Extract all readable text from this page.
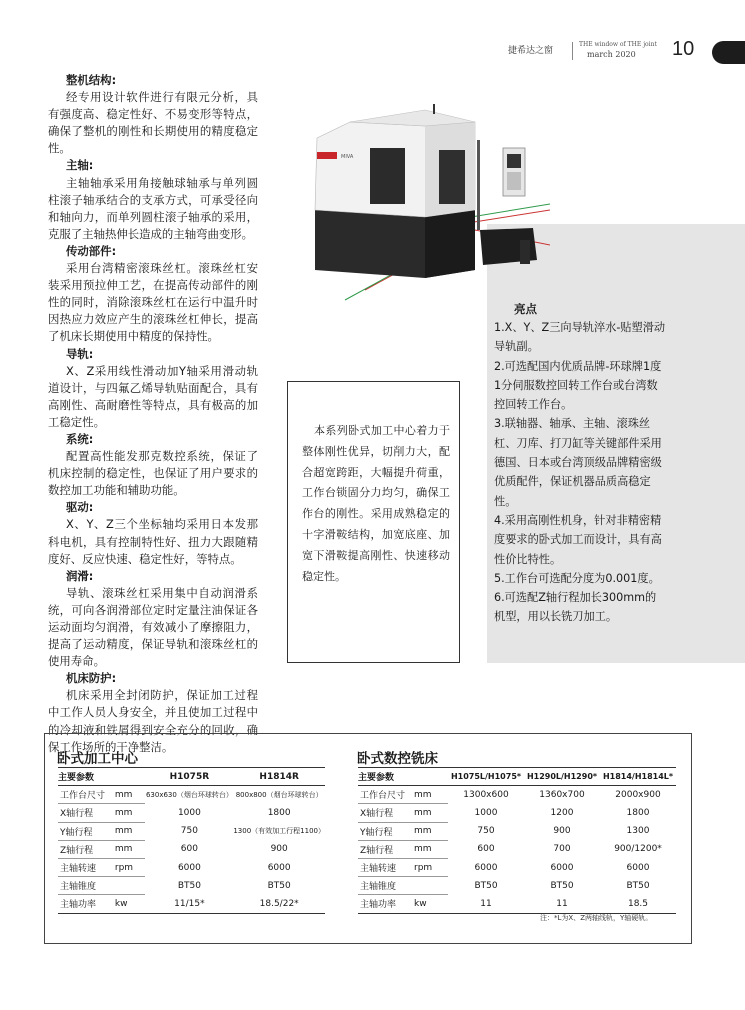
捷希达之窗
THE window of THE joint
march 2020 10
整机结构:
经专用设计软件进行有限元分析，具有强度高、稳定性好、不易变形等特点，确保了整机的刚性和长期使用的精度稳定性。
主轴:
主轴轴承采用角接触球轴承与单列圆柱滚子轴承结合的支承方式，可承受径向和轴向力，而单列圆柱滚子轴承的采用，克服了主轴热伸长造成的主轴弯曲变形。
传动部件:
采用台湾精密滚珠丝杠。滚珠丝杠安装采用预拉伸工艺，在提高传动部件的刚性的同时，消除滚珠丝杠在运行中温升时因热应力效应产生的滚珠丝杠伸长，提高了机床长期使用中精度的保持性。
导轨:
X、Z采用线性滑动加Y轴采用滑动轨道设计，与四氟乙烯导轨贴面配合，具有高刚性、高耐磨性等特点，具有极高的加工稳定性。
系统:
配置高性能发那克数控系统，保证了机床控制的稳定性，也保证了用户要求的数控加工功能和辅助功能。
驱动:
X、Y、Z三个坐标轴均采用日本发那科电机，具有控制特性好、扭力大跟随精度好、反应快速、稳定性好，等特点。
润滑:
导轨、滚珠丝杠采用集中自动润滑系统，可向各润滑部位定时定量注油保证各运动面均匀润滑，有效减小了摩擦阻力，提高了运动精度，保证导轨和滚珠丝杠的使用寿命。
机床防护:
机床采用全封闭防护，保证加工过程中工作人员人身安全，并且使加工过程中的冷却液和铁屑得到安全充分的回收，确保工作场所的干净整洁。
MIVA
本系列卧式加工中心着力于整体刚性优异，切削力大，配合超宽跨距，大幅提升荷重，工作台锁固分力均匀，确保工作台的刚性。采用成熟稳定的十字滑鞍结构，加宽底座、加宽下滑鞍提高刚性、快速移动稳定性。
亮点
1.X、Y、Z三向导轨淬水-贴塑滑动导轨副。
2.可选配国内优质品牌-环球牌1度1分伺服数控回转工作台或台湾数控回转工作台。
3.联轴器、轴承、主轴、滚珠丝杠、刀库、打刀缸等关键部件采用德国、日本或台湾顶级品牌精密级优质配件，保证机器品质高稳定性。
4.采用高刚性机身，针对非精密精度要求的卧式加工而设计，具有高性价比特性。
5.工作台可选配分度为0.001度。
6.可选配Z轴行程加长300mm的机型，用以长铣刀加工。
卧式加工中心
主要参数		H1075R	H1814R
工作台尺寸	mm	630x630（烟台环球转台）	800x800（烟台环球转台）
X轴行程	mm	1000	1800
Y轴行程	mm	750	1300（有效加工行程1100）
Z轴行程	mm	600	900
主轴转速	rpm	6000	6000
主轴锥度		BT50	BT50
主轴功率	kw	11/15*	18.5/22*
卧式数控铣床
主要参数		H1075L/H1075*	H1290L/H1290*	H1814/H1814L*
工作台尺寸	mm	1300x600	1360x700	2000x900
X轴行程	mm	1000	1200	1800
Y轴行程	mm	750	900	1300
Z轴行程	mm	600	700	900/1200*
主轴转速	rpm	6000	6000	6000
主轴锥度		BT50	BT50	BT50
主轴功率	kw	11	11	18.5
注：*L为X、Z两轴线轨，Y轴硬轨。
